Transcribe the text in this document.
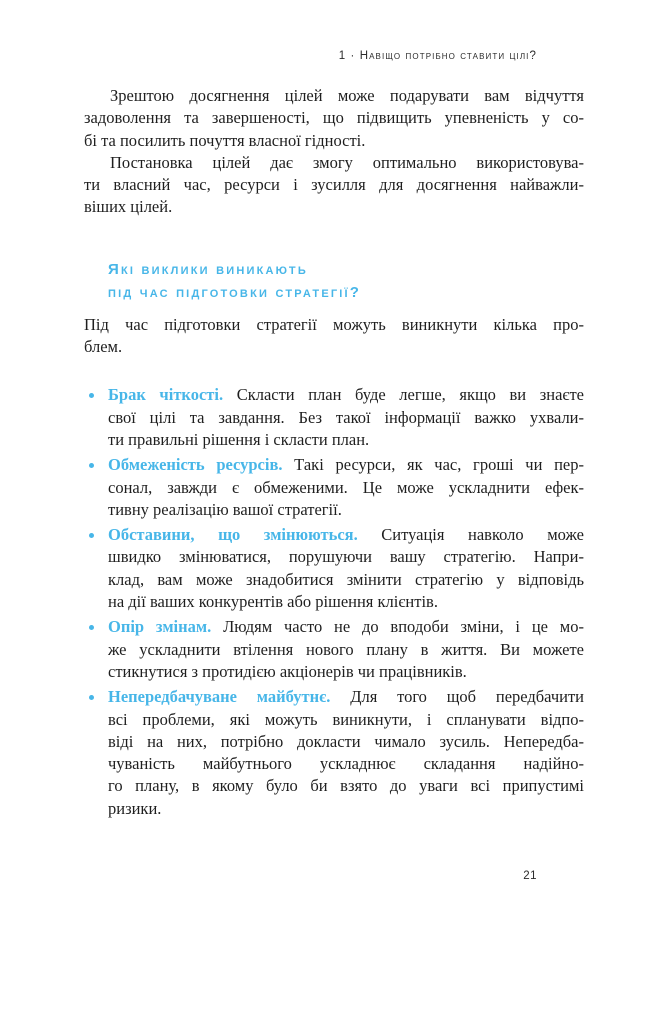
1 · Навіщо потрібно ставити цілі?
Зрештою досягнення цілей може подарувати вам відчуття
задоволення та завершеності, що підвищить упевненість у со-
бі та посилить почуття власної гідності.
Постановка цілей дає змогу оптимально використовува-
ти власний час, ресурси і зусилля для досягнення найважли-
віших цілей.
Які виклики виникають
під час підготовки стратегії?
Під час підготовки стратегії можуть виникнути кілька про-
блем.
Брак чіткості. Скласти план буде легше, якщо ви знаєте
свої цілі та завдання. Без такої інформації важко ухвали-
ти правильні рішення і скласти план.
Обмеженість ресурсів. Такі ресурси, як час, гроші чи пер-
сонал, завжди є обмеженими. Це може ускладнити ефек-
тивну реалізацію вашої стратегії.
Обставини, що змінюються. Ситуація навколо може
швидко змінюватися, порушуючи вашу стратегію. Напри-
клад, вам може знадобитися змінити стратегію у відповідь
на дії ваших конкурентів або рішення клієнтів.
Опір змінам. Людям часто не до вподоби зміни, і це мо-
же ускладнити втілення нового плану в життя. Ви можете
стикнутися з протидією акціонерів чи працівників.
Непередбачуване майбутнє. Для того щоб передбачити
всі проблеми, які можуть виникнути, і спланувати відпо-
віді на них, потрібно докласти чимало зусиль. Непередба-
чуваність майбутнього ускладнює складання надійно-
го плану, в якому було би взято до уваги всі припустимі
ризики.
21
